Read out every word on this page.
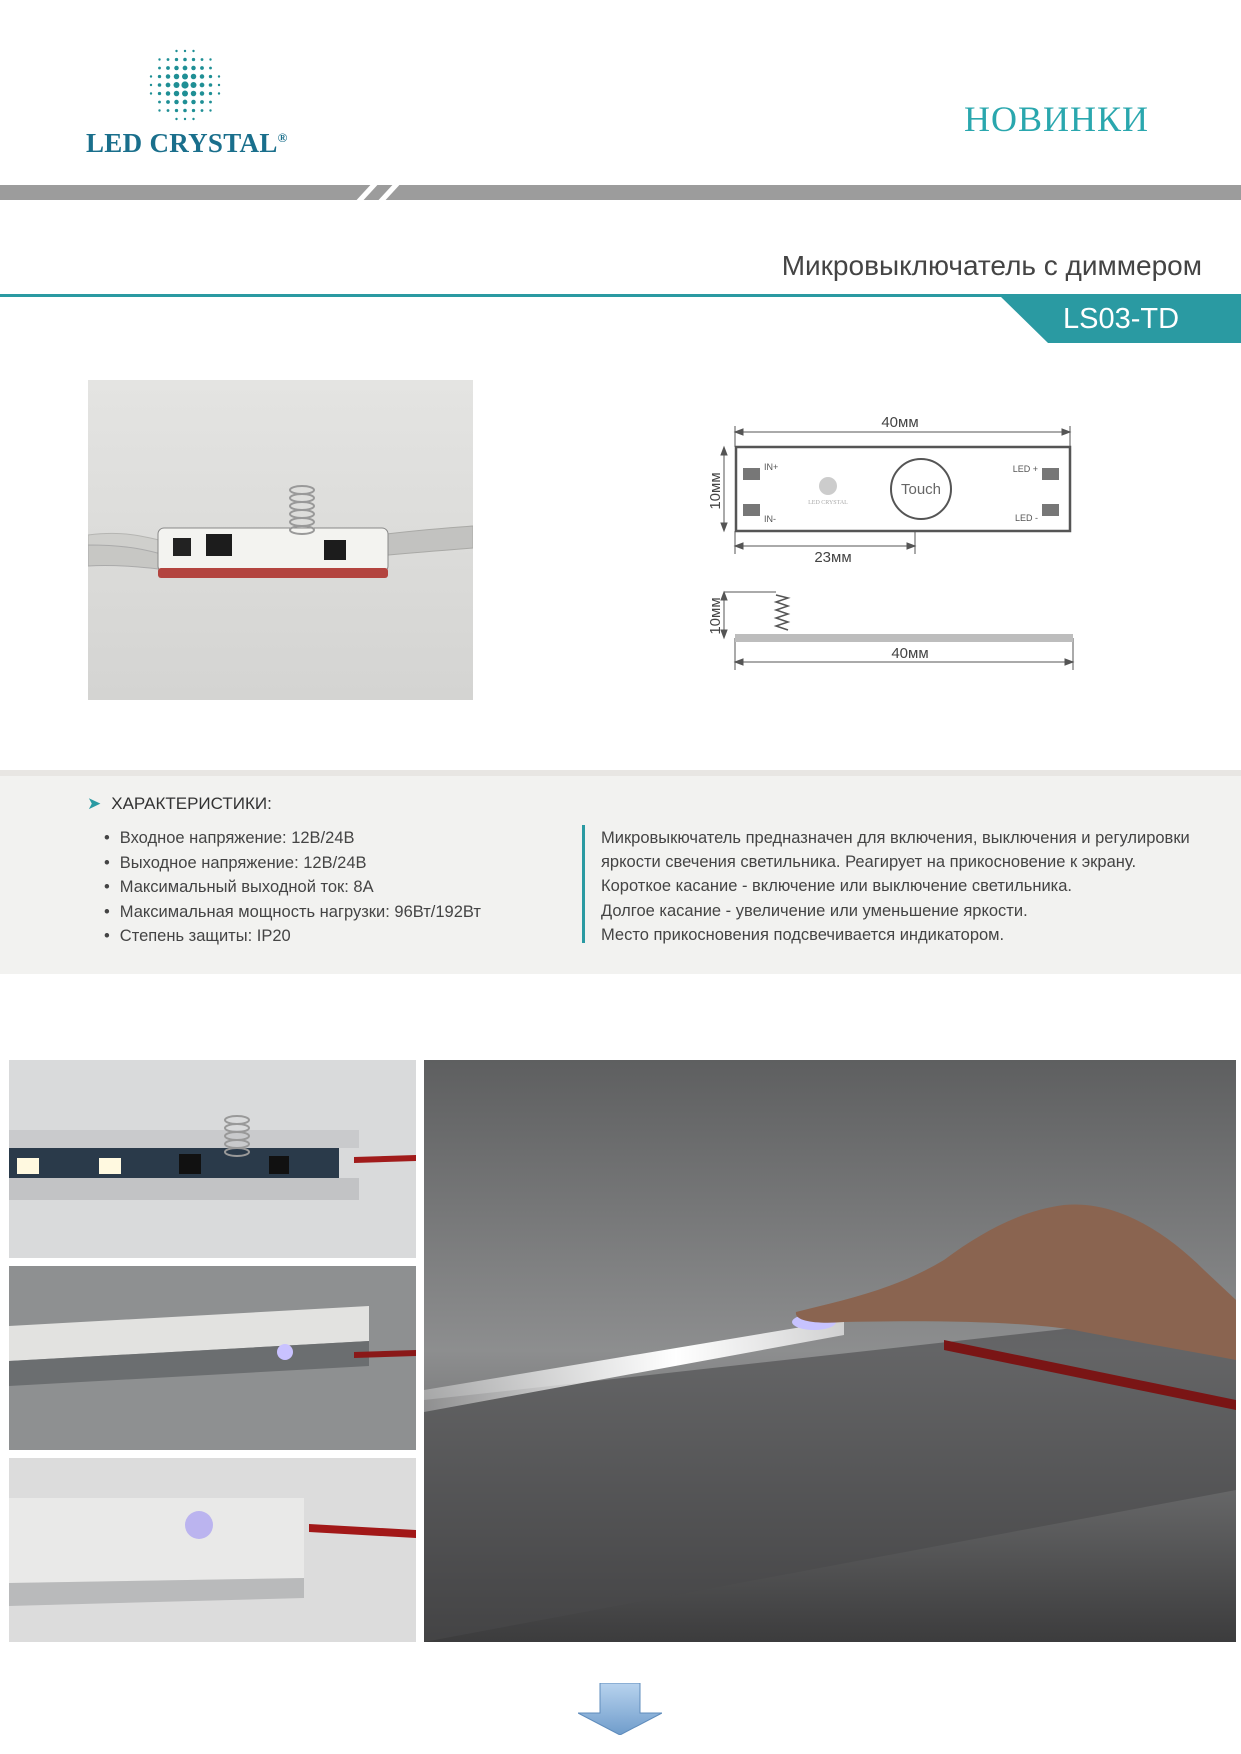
LED CRYSTAL®	НОВИНКИ
Микровыключатель с диммером
LS03-TD
40мм
10мм	Touch
IN+
IN-
LED +
LED -
LED CRYSTAL
23мм
10мм
40мм
➤ ХАРАКТЕРИСТИКИ:
• Входное напряжение: 12В/24В
• Выходное напряжение: 12В/24В
• Максимальный выходной ток: 8А
• Максимальная мощность нагрузки: 96Вт/192Вт
• Степень защиты: IP20

Микровыкючатель предназначен для включения, выключения и регулировки

яркости свечения светильника. Реагирует на прикосновение к экрану.

Короткое касание - включение или выключение светильника.

Долгое касание - увеличение или уменьшение яркости.

Место прикосновения подсвечивается индикатором.
